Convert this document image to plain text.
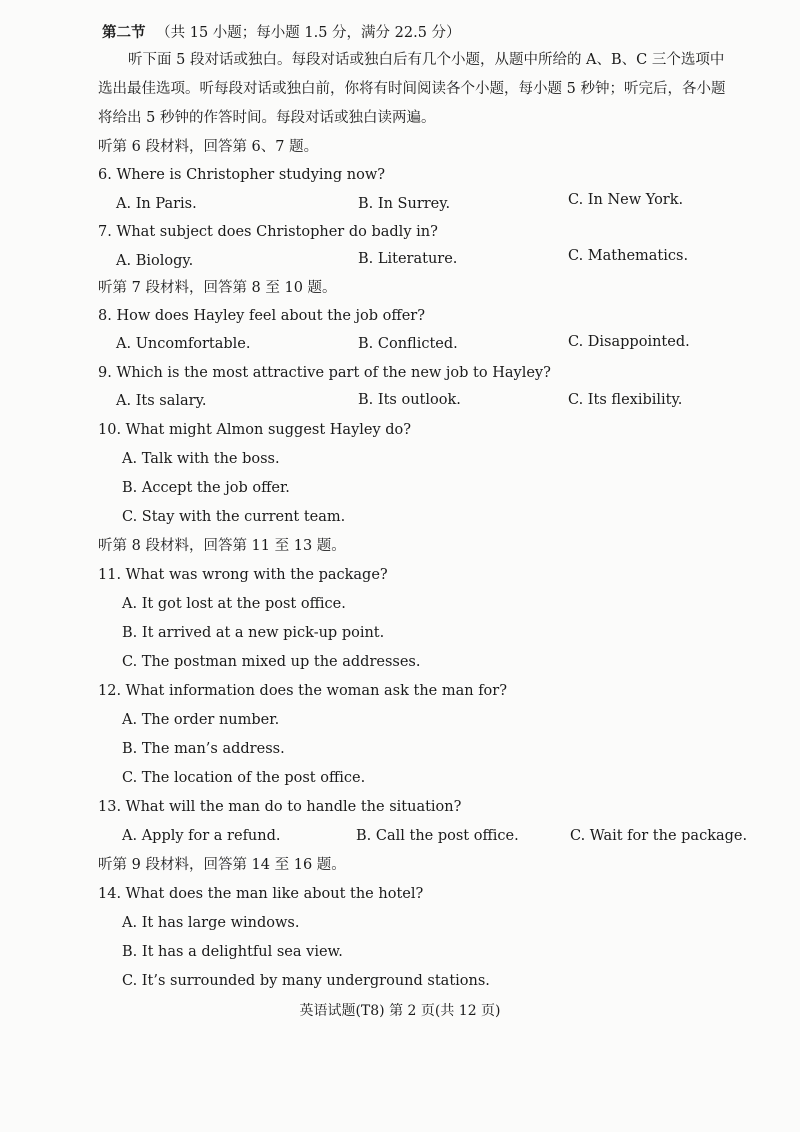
第二节 （共 15 小题；每小题 1.5 分，满分 22.5 分）
听下面 5 段对话或独白。每段对话或独白后有几个小题，从题中所给的 A、B、C 三个选项中
选出最佳选项。听每段对话或独白前，你将有时间阅读各个小题，每小题 5 秒钟；听完后，各小题
将给出 5 秒钟的作答时间。每段对话或独白读两遍。
听第 6 段材料，回答第 6、7 题。
6. Where is Christopher studying now?
A. In Paris.	B. In Surrey.	C. In New York.
7. What subject does Christopher do badly in?
A. Biology.	B. Literature.	C. Mathematics.
听第 7 段材料，回答第 8 至 10 题。
8. How does Hayley feel about the job offer?
A. Uncomfortable.	B. Conflicted.	C. Disappointed.
9. Which is the most attractive part of the new job to Hayley?
A. Its salary.	B. Its outlook.	C. Its flexibility.
10. What might Almon suggest Hayley do?
A. Talk with the boss.
B. Accept the job offer.
C. Stay with the current team.
听第 8 段材料，回答第 11 至 13 题。
11. What was wrong with the package?
A. It got lost at the post office.
B. It arrived at a new pick-up point.
C. The postman mixed up the addresses.
12. What information does the woman ask the man for?
A. The order number.
B. The man’s address.
C. The location of the post office.
13. What will the man do to handle the situation?
A. Apply for a refund.	B. Call the post office.	C. Wait for the package.
听第 9 段材料，回答第 14 至 16 题。
14. What does the man like about the hotel?
A. It has large windows.
B. It has a delightful sea view.
C. It’s surrounded by many underground stations.
英语试题(T8) 第 2 页(共 12 页)
